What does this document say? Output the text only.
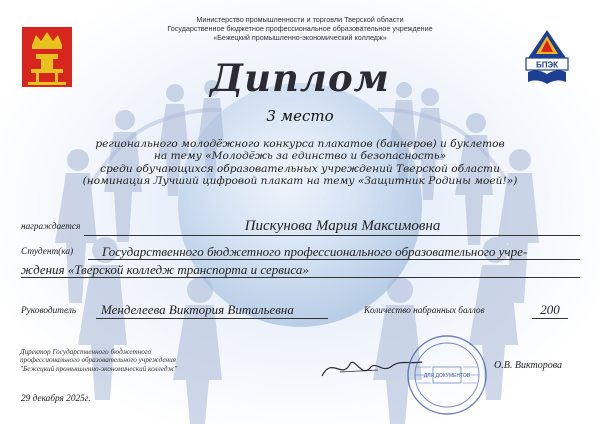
БПЭК
Министерство промышленности и торговли Тверской области
Государственное бюджетное профессиональное образовательное учреждение
«Бежецкий промышленно-экономический колледж»
Диплом
3 место
регионального молодёжного конкурса плакатов (баннеров) и буклетов
на тему «Молодёжь за единство и безопасность»
среди обучающихся образовательных учреждений Тверской области
(номинация Лучший цифровой плакат на тему «Защитник Родины моей!»)
награждается	Пискунова Мария Максимовна
Студент(ка) Государственного бюджетного профессионального образовательного учре-
ждения «Тверской колледж транспорта и сервиса»
Руководитель Менделеева Виктория Витальевна	Количество набранных баллов	200
Директор Государственного бюджетного
профессионального образовательного учреждения
"Бежецкий промышленно-экономический колледж"	О.В. Викторова
ДЛЯ ДОКУМЕНТОВ
29 декабря 2025г.
